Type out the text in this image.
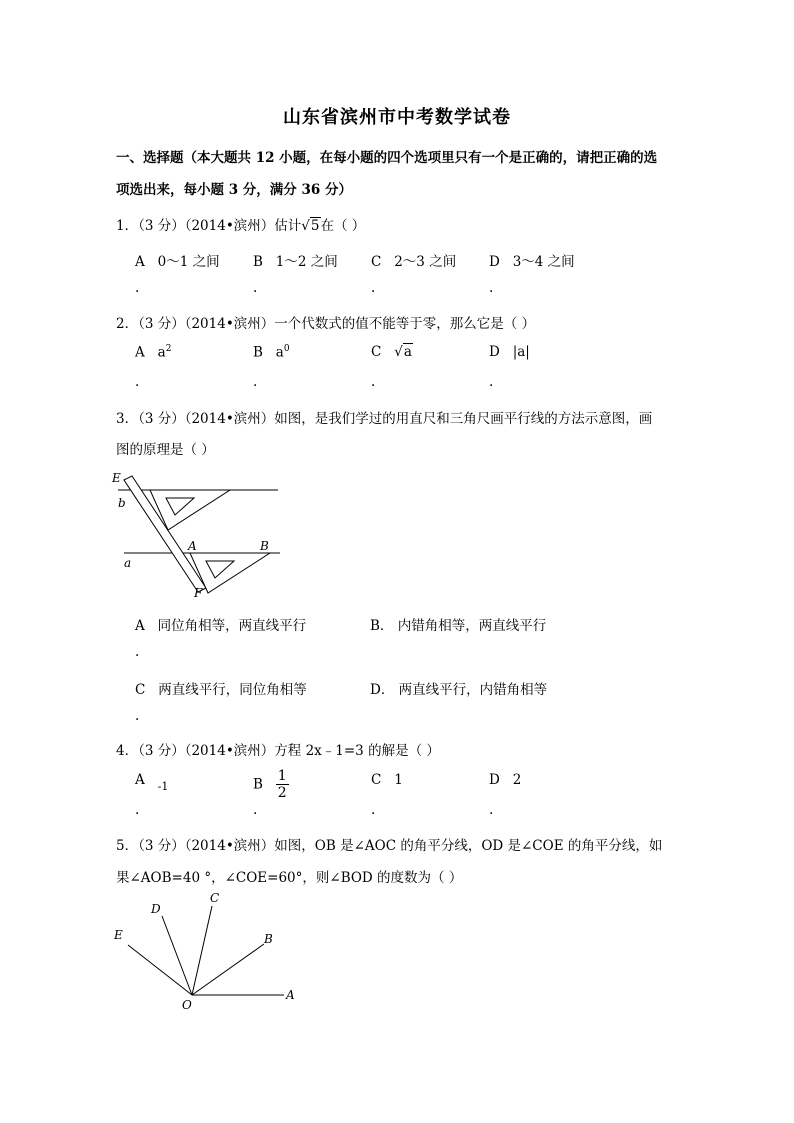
山东省滨州市中考数学试卷
一、选择题（本大题共 12 小题，在每小题的四个选项里只有一个是正确的，请把正确的选
项选出来，每小题 3 分，满分 36 分）
1．（3 分）（2014•滨州）估计√5在（ ）
A 0～1 之间 B 1～2 之间 C 2～3 之间 D 3～4 之间
.	.	.	.
2．（3 分）（2014•滨州）一个代数式的值不能等于零，那么它是（ ）
A $a^2$	B $a^0$	C √a	D |a|
.	.	.	.
3．（3 分）（2014•滨州）如图，是我们学过的用直尺和三角尺画平行线的方法示意图，画
图的原理是（ ）
E
b
A	B
a
F
A 同位角相等，两直线平行	B． 内错角相等，两直线平行
.
C 两直线平行，同位角相等	D． 两直线平行，内错角相等
.
4．（3 分）（2014•滨州）方程 2x﹣1=3 的解是（ ）
A $_{-1}$	B $\frac{1}{2}$	C 1	D 2
.	.	.	.
5．（3 分）（2014•滨州）如图，OB 是∠AOC 的角平分线，OD 是∠COE 的角平分线，如
果∠AOB=40 °，∠COE=60°，则∠BOD 的度数为（ ）
D
C
E	B
O
A
